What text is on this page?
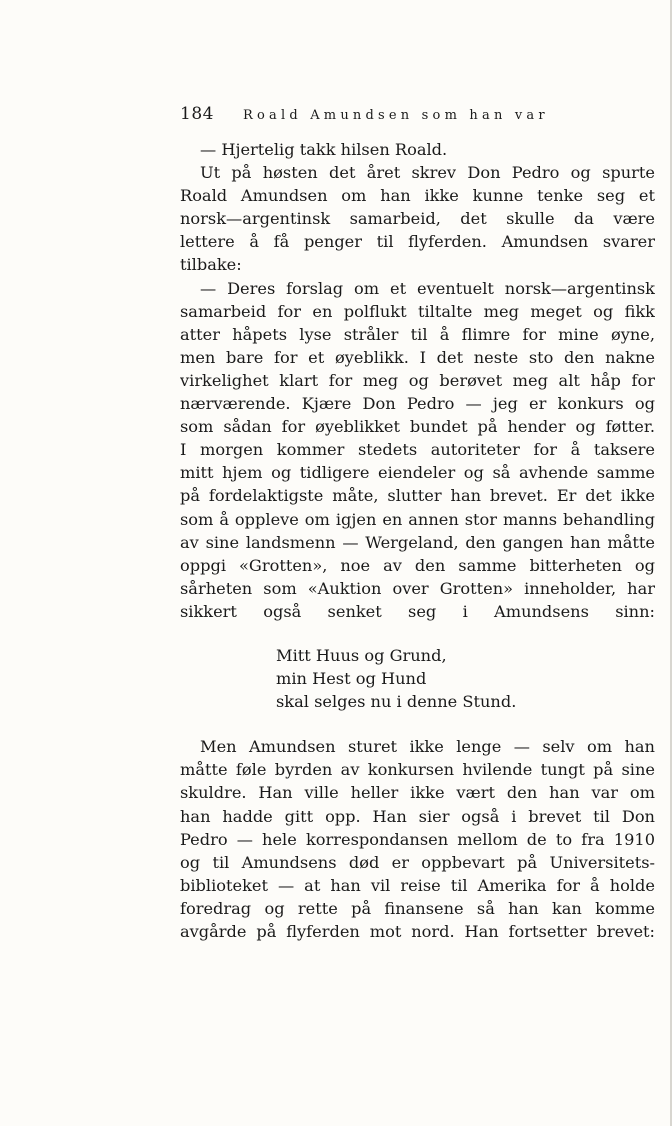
184 Roald Amundsen som han var
— Hjertelig takk hilsen Roald.
Ut på høsten det året skrev Don Pedro og spurte
Roald Amundsen om han ikke kunne tenke seg et
norsk—argentinsk samarbeid, det skulle da være
lettere å få penger til flyferden. Amundsen svarer
tilbake:
— Deres forslag om et eventuelt norsk—argentinsk
samarbeid for en polflukt tiltalte meg meget og fikk
atter håpets lyse stråler til å flimre for mine øyne,
men bare for et øyeblikk. I det neste sto den nakne
virkelighet klart for meg og berøvet meg alt håp for
nærværende. Kjære Don Pedro — jeg er konkurs og
som sådan for øyeblikket bundet på hender og føtter.
I morgen kommer stedets autoriteter for å taksere
mitt hjem og tidligere eiendeler og så avhende samme
på fordelaktigste måte, slutter han brevet. Er det ikke
som å oppleve om igjen en annen stor manns behandling
av sine landsmenn — Wergeland, den gangen han måtte
oppgi «Grotten», noe av den samme bitterheten og
sårheten som «Auktion over Grotten» inneholder, har
sikkert også senket seg i Amundsens sinn:
Mitt Huus og Grund,
min Hest og Hund
skal selges nu i denne Stund.
Men Amundsen sturet ikke lenge — selv om han
måtte føle byrden av konkursen hvilende tungt på sine
skuldre. Han ville heller ikke vært den han var om
han hadde gitt opp. Han sier også i brevet til Don
Pedro — hele korrespondansen mellom de to fra 1910
og til Amundsens død er oppbevart på Universitets-
biblioteket — at han vil reise til Amerika for å holde
foredrag og rette på finansene så han kan komme
avgårde på flyferden mot nord. Han fortsetter brevet:
